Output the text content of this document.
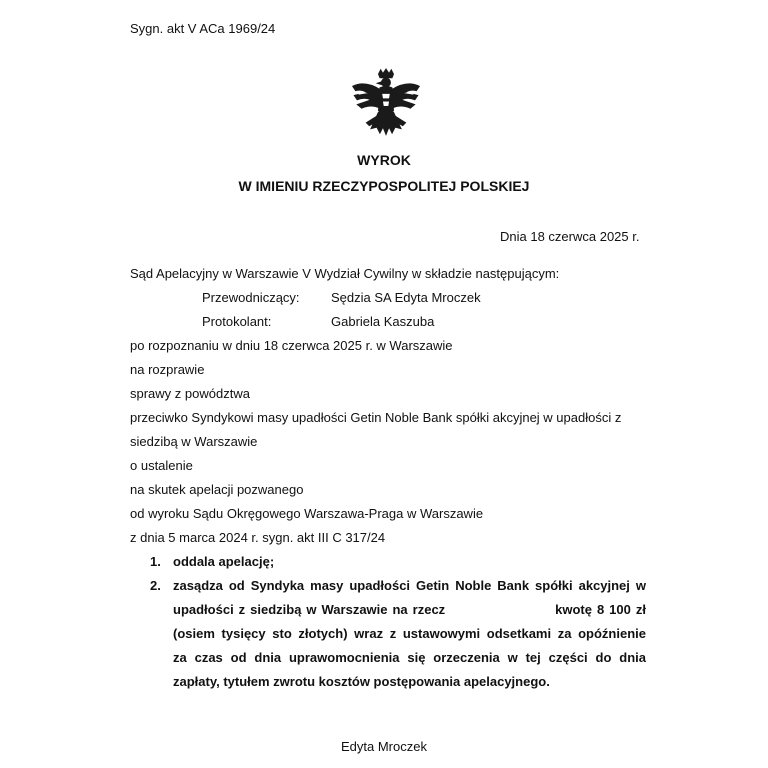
Sygn. akt V ACa 1969/24
WYROK
W IMIENIU RZECZYPOSPOLITEJ POLSKIEJ
Dnia 18 czerwca 2025 r.
Sąd Apelacyjny w Warszawie V Wydział Cywilny w składzie następującym:
Przewodniczący: Sędzia SA Edyta Mroczek
Protokolant:	Gabriela Kaszuba
po rozpoznaniu w dniu 18 czerwca 2025 r. w Warszawie
na rozprawie
sprawy z powództwa
przeciwko Syndykowi masy upadłości Getin Noble Bank spółki akcyjnej w upadłości z
siedzibą w Warszawie
o ustalenie
na skutek apelacji pozwanego
od wyroku Sądu Okręgowego Warszawa-Praga w Warszawie
z dnia 5 marca 2024 r. sygn. akt III C 317/24
1. oddala apelację;
2. zasądza od Syndyka masy upadłości Getin Noble Bank spółki akcyjnej w
upadłości z siedzibą w Warszawie na rzecz	kwotę 8 100 zł
(osiem tysięcy sto złotych) wraz z ustawowymi odsetkami za opóźnienie
za czas od dnia uprawomocnienia się orzeczenia w tej części do dnia
zapłaty, tytułem zwrotu kosztów postępowania apelacyjnego.
Edyta Mroczek
